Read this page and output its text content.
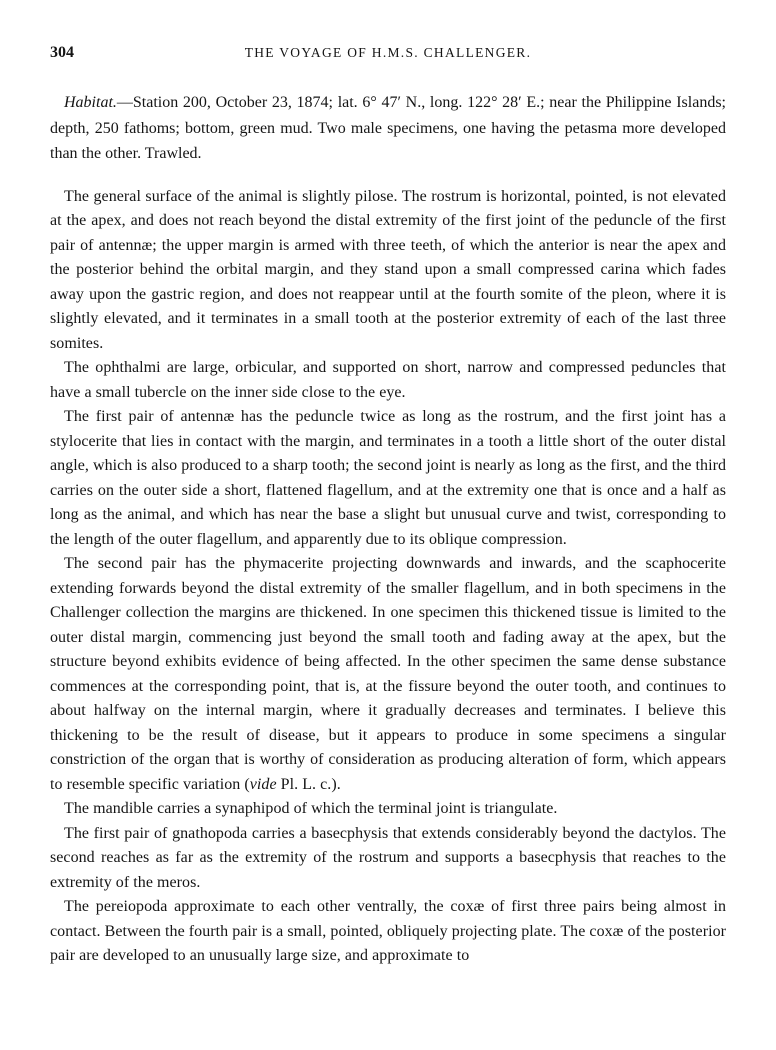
304	THE VOYAGE OF H.M.S. CHALLENGER.

Habitat.—Station 200, October 23, 1874; lat. 6° 47′ N., long. 122° 28′ E.; near the Philippine Islands; depth, 250 fathoms; bottom, green mud. Two male specimens, one having the petasma more developed than the other. Trawled.

The general surface of the animal is slightly pilose. The rostrum is horizontal, pointed, is not elevated at the apex, and does not reach beyond the distal extremity of the first joint of the peduncle of the first pair of antennæ; the upper margin is armed with three teeth, of which the anterior is near the apex and the posterior behind the orbital margin, and they stand upon a small compressed carina which fades away upon the gastric region, and does not reappear until at the fourth somite of the pleon, where it is slightly elevated, and it terminates in a small tooth at the posterior extremity of each of the last three somites.

The ophthalmi are large, orbicular, and supported on short, narrow and compressed peduncles that have a small tubercle on the inner side close to the eye.

The first pair of antennæ has the peduncle twice as long as the rostrum, and the first joint has a stylocerite that lies in contact with the margin, and terminates in a tooth a little short of the outer distal angle, which is also produced to a sharp tooth; the second joint is nearly as long as the first, and the third carries on the outer side a short, flattened flagellum, and at the extremity one that is once and a half as long as the animal, and which has near the base a slight but unusual curve and twist, corresponding to the length of the outer flagellum, and apparently due to its oblique compression.

The second pair has the phymacerite projecting downwards and inwards, and the scaphocerite extending forwards beyond the distal extremity of the smaller flagellum, and in both specimens in the Challenger collection the margins are thickened. In one specimen this thickened tissue is limited to the outer distal margin, commencing just beyond the small tooth and fading away at the apex, but the structure beyond exhibits evidence of being affected. In the other specimen the same dense substance commences at the corresponding point, that is, at the fissure beyond the outer tooth, and continues to about halfway on the internal margin, where it gradually decreases and terminates. I believe this thickening to be the result of disease, but it appears to produce in some specimens a singular constriction of the organ that is worthy of consideration as producing alteration of form, which appears to resemble specific variation (vide Pl. L. c.).

The mandible carries a synaphipod of which the terminal joint is triangulate.

The first pair of gnathopoda carries a basecphysis that extends considerably beyond the dactylos. The second reaches as far as the extremity of the rostrum and supports a basecphysis that reaches to the extremity of the meros.

The pereiopoda approximate to each other ventrally, the coxæ of first three pairs being almost in contact. Between the fourth pair is a small, pointed, obliquely projecting plate. The coxæ of the posterior pair are developed to an unusually large size, and approximate to
